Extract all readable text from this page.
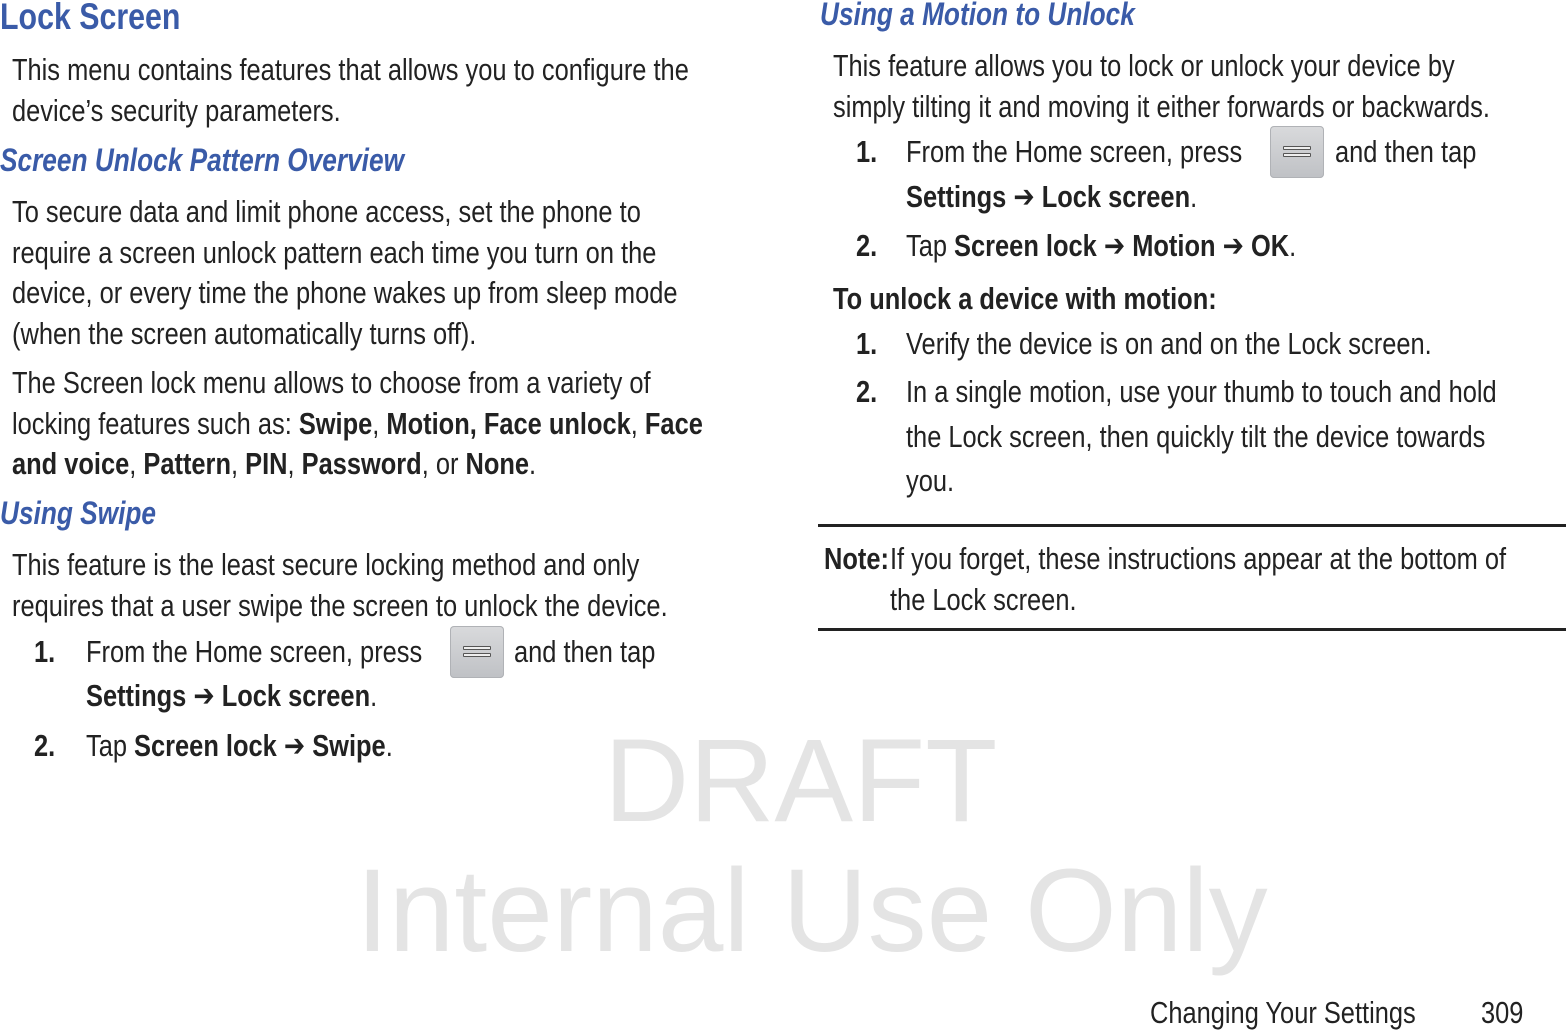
DRAFT
Internal Use Only
Lock Screen
This menu contains features that allows you to configure the
device’s security parameters.
Screen Unlock Pattern Overview
To secure data and limit phone access, set the phone to
require a screen unlock pattern each time you turn on the
device, or every time the phone wakes up from sleep mode
(when the screen automatically turns off).
The Screen lock menu allows to choose from a variety of
locking features such as: Swipe, Motion, Face unlock, Face
and voice, Pattern, PIN, Password, or None.
Using Swipe
This feature is the least secure locking method and only
requires that a user swipe the screen to unlock the device.
1. From the Home screen, press	and then tap
Settings ➔ Lock screen.
2. Tap Screen lock ➔ Swipe.
Using a Motion to Unlock
This feature allows you to lock or unlock your device by
simply tilting it and moving it either forwards or backwards.
1. From the Home screen, press	and then tap
Settings ➔ Lock screen.
2. Tap Screen lock ➔ Motion ➔ OK.
To unlock a device with motion:
1. Verify the device is on and on the Lock screen.
2. In a single motion, use your thumb to touch and hold
the Lock screen, then quickly tilt the device towards
you.
Note: If you forget, these instructions appear at the bottom of
the Lock screen.
Changing Your Settings	309
